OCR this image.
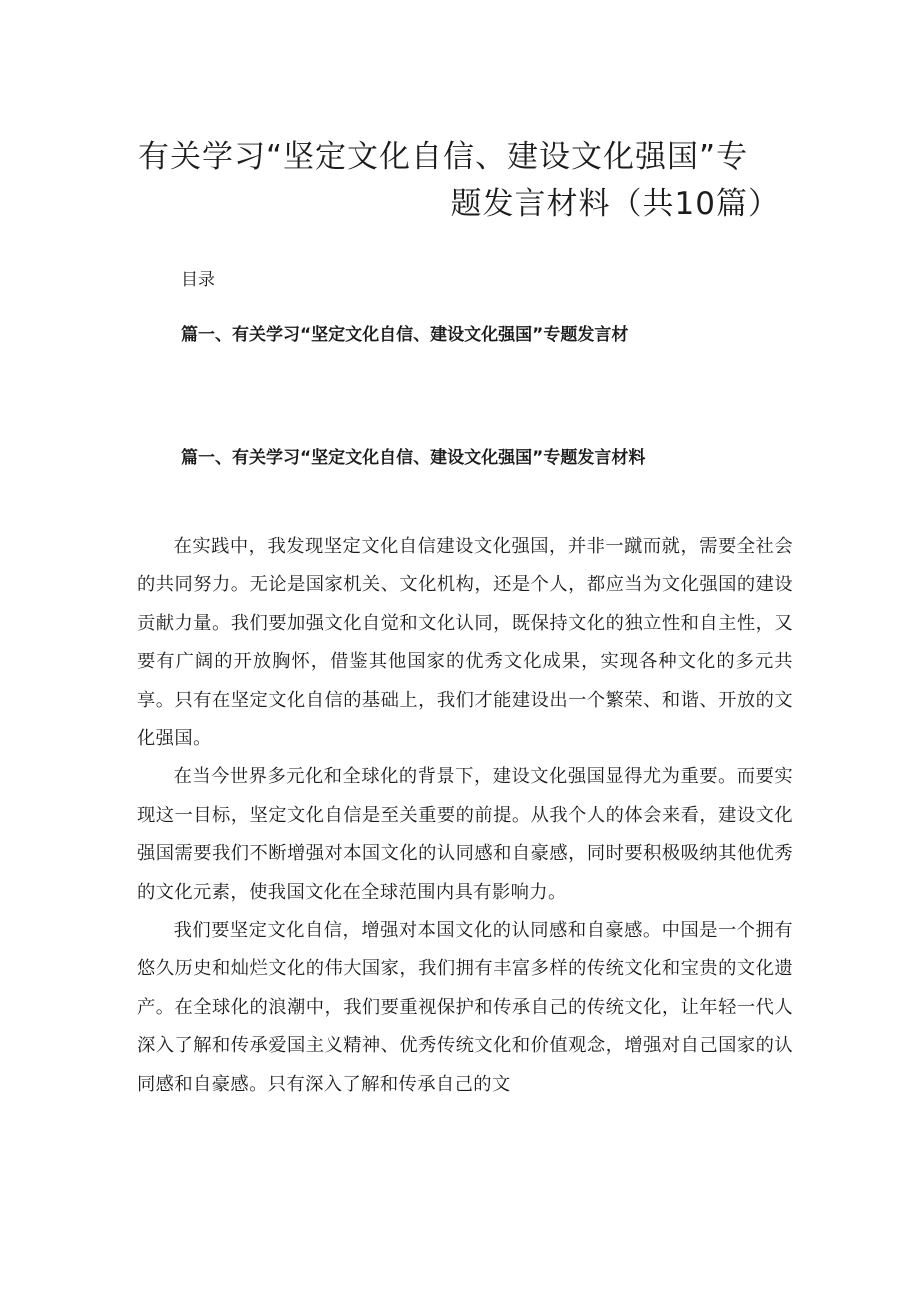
有关学习“坚定文化自信、建设文化强国”专
题发言材料（共10篇）
目录
篇一、有关学习“坚定文化自信、建设文化强国”专题发言材
篇一、有关学习“坚定文化自信、建设文化强国”专题发言材料

在实践中，我发现坚定文化自信建设文化强国，并非一蹴而就，需要全社会的共同努力。无论是国家机关、文化机构，还是个人，都应当为文化强国的建设贡献力量。我们要加强文化自觉和文化认同，既保持文化的独立性和自主性，又要有广阔的开放胸怀，借鉴其他国家的优秀文化成果，实现各种文化的多元共享。只有在坚定文化自信的基础上，我们才能建设出一个繁荣、和谐、开放的文化强国。

在当今世界多元化和全球化的背景下，建设文化强国显得尤为重要。而要实现这一目标，坚定文化自信是至关重要的前提。从我个人的体会来看，建设文化强国需要我们不断增强对本国文化的认同感和自豪感，同时要积极吸纳其他优秀的文化元素，使我国文化在全球范围内具有影响力。

我们要坚定文化自信，增强对本国文化的认同感和自豪感。中国是一个拥有悠久历史和灿烂文化的伟大国家，我们拥有丰富多样的传统文化和宝贵的文化遗产。在全球化的浪潮中，我们要重视保护和传承自己的传统文化，让年轻一代人深入了解和传承爱国主义精神、优秀传统文化和价值观念，增强对自己国家的认同感和自豪感。只有深入了解和传承自己的文
